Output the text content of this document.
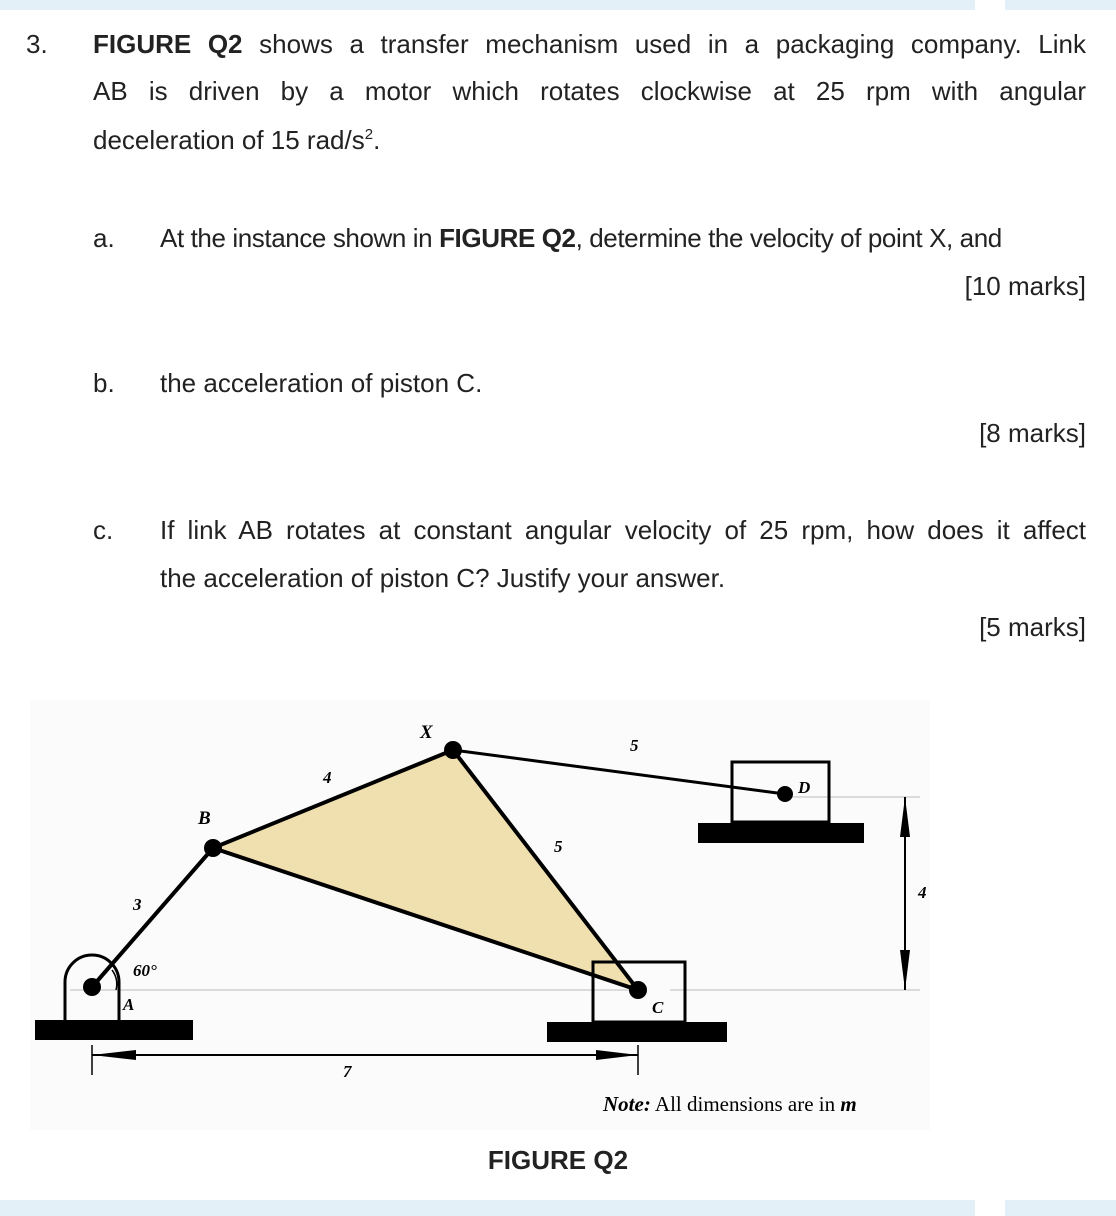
3. FIGURE Q2 shows a transfer mechanism used in a packaging company. Link
AB is driven by a motor which rotates clockwise at 25 rpm with angular
deceleration of 15 rad/$s^2$.
a. At the instance shown in FIGURE Q2, determine the velocity of point X, and
[10 marks]
b. the acceleration of piston C.
[8 marks]
c. If link AB rotates at constant angular velocity of 25 rpm, how does it affect
the acceleration of piston C? Justify your answer.
[5 marks]
X
B
A	C
D
3
4
5
5
7
4
60°
Note: All dimensions are in m
FIGURE Q2
